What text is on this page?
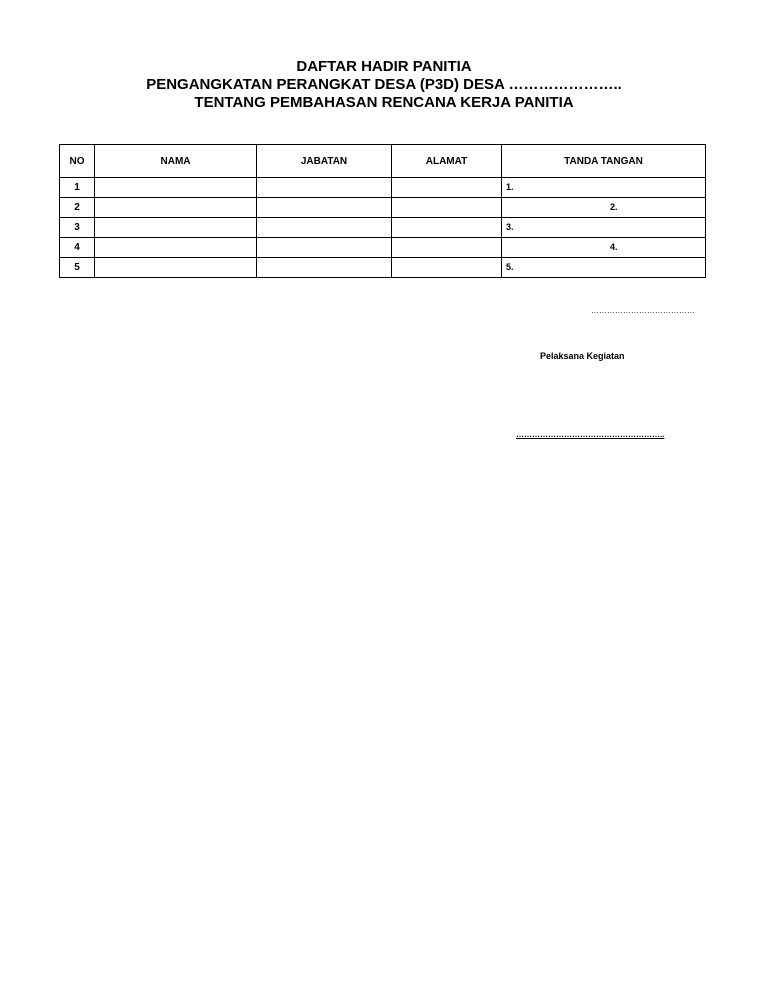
DAFTAR HADIR PANITIA
PENGANGKATAN PERANGKAT DESA (P3D) DESA …………………..
TENTANG PEMBAHASAN RENCANA KERJA PANITIA
NO	NAMA	JABATAN	ALAMAT	TANDA TANGAN
1				1.

2				2.

3				3.

4				4.

5				5.
…………………………………
Pelaksana Kegiatan
………………………………………………..
